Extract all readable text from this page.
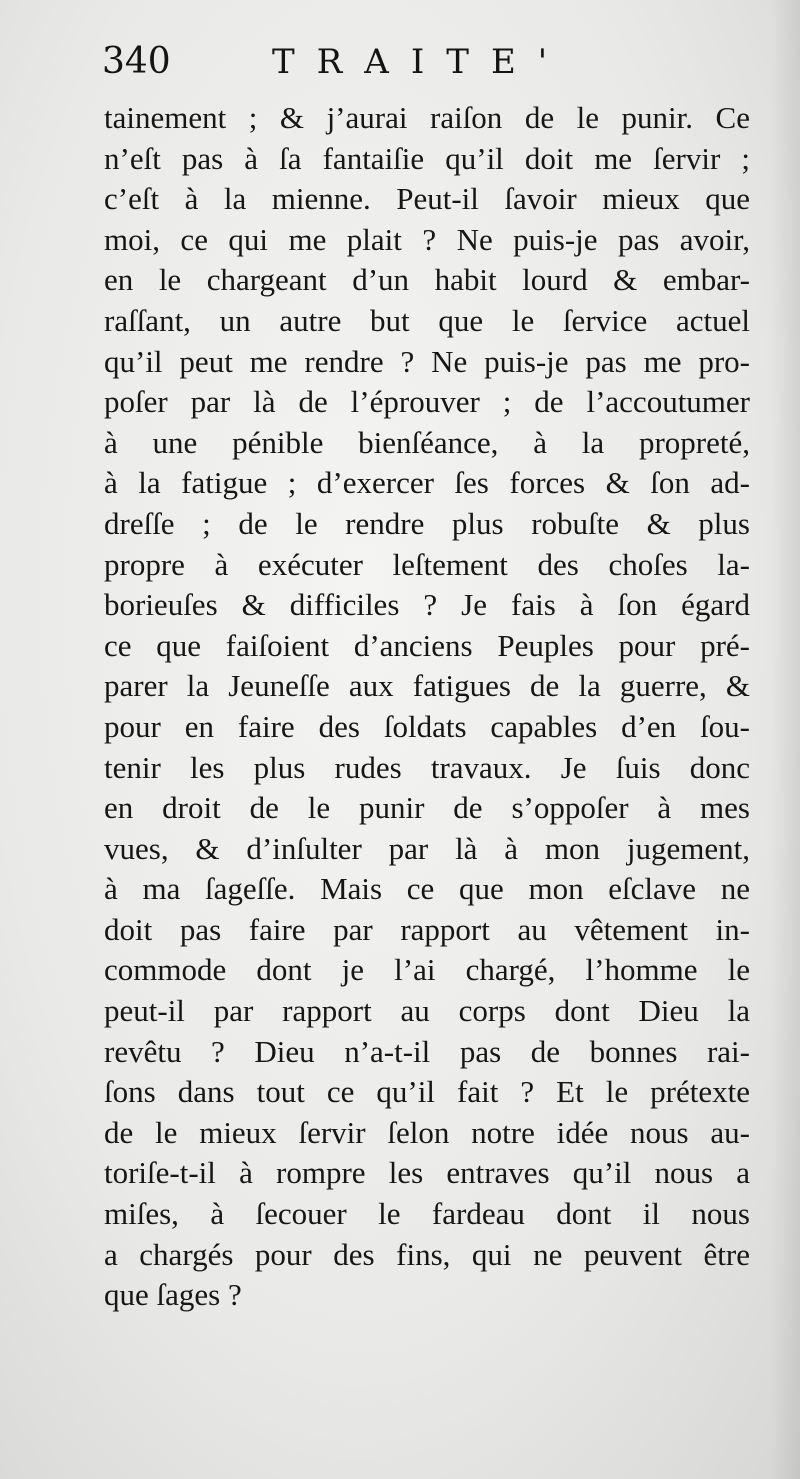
340	TRAITE'
tainement ; & j’aurai raiſon de le punir. Ce
n’eſt pas à ſa fantaiſie qu’il doit me ſervir ;
c’eſt à la mienne. Peut-il ſavoir mieux que
moi, ce qui me plait ? Ne puis-je pas avoir,
en le chargeant d’un habit lourd & embar-
raſſant, un autre but que le ſervice actuel
qu’il peut me rendre ? Ne puis-je pas me pro-
poſer par là de l’éprouver ; de l’accoutumer
à une pénible bienſéance, à la propreté,
à la fatigue ; d’exercer ſes forces & ſon ad-
dreſſe ; de le rendre plus robuſte & plus
propre à exécuter leſtement des choſes la-
borieuſes & difficiles ? Je fais à ſon égard
ce que faiſoient d’anciens Peuples pour pré-
parer la Jeuneſſe aux fatigues de la guerre, &
pour en faire des ſoldats capables d’en ſou-
tenir les plus rudes travaux. Je ſuis donc
en droit de le punir de s’oppoſer à mes
vues, & d’inſulter par là à mon jugement,
à ma ſageſſe. Mais ce que mon eſclave ne
doit pas faire par rapport au vêtement in-
commode dont je l’ai chargé, l’homme le
peut-il par rapport au corps dont Dieu la
revêtu ? Dieu n’a-t-il pas de bonnes rai-
ſons dans tout ce qu’il fait ? Et le prétexte
de le mieux ſervir ſelon notre idée nous au-
toriſe-t-il à rompre les entraves qu’il nous a
miſes, à ſecouer le fardeau dont il nous
a chargés pour des fins, qui ne peuvent être
que ſages ?
